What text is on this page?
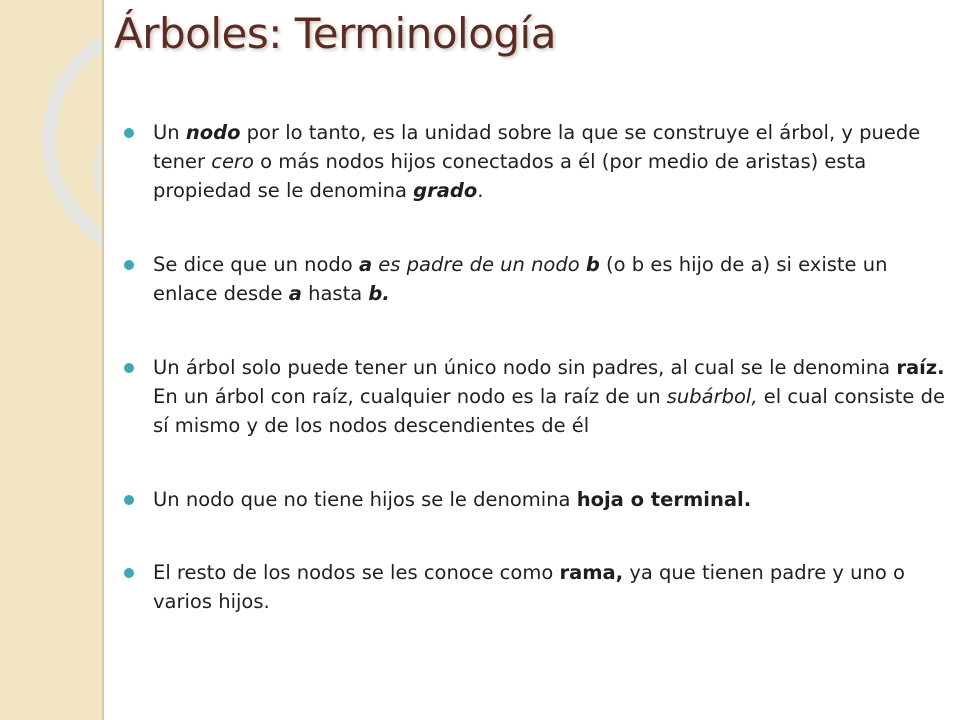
Árboles: Terminología
Un nodo por lo tanto, es la unidad sobre la que se construye el árbol, y puede tener cero o más nodos hijos conectados a él (por medio de aristas) esta propiedad se le denomina grado.
Se dice que un nodo a es padre de un nodo b (o b es hijo de a) si existe un enlace desde a hasta b.
Un árbol solo puede tener un único nodo sin padres, al cual se le denomina raíz. En un árbol con raíz, cualquier nodo es la raíz de un subárbol, el cual consiste de sí mismo y de los nodos descendientes de él
Un nodo que no tiene hijos se le denomina hoja o terminal.
El resto de los nodos se les conoce como rama, ya que tienen padre y uno o varios hijos.
